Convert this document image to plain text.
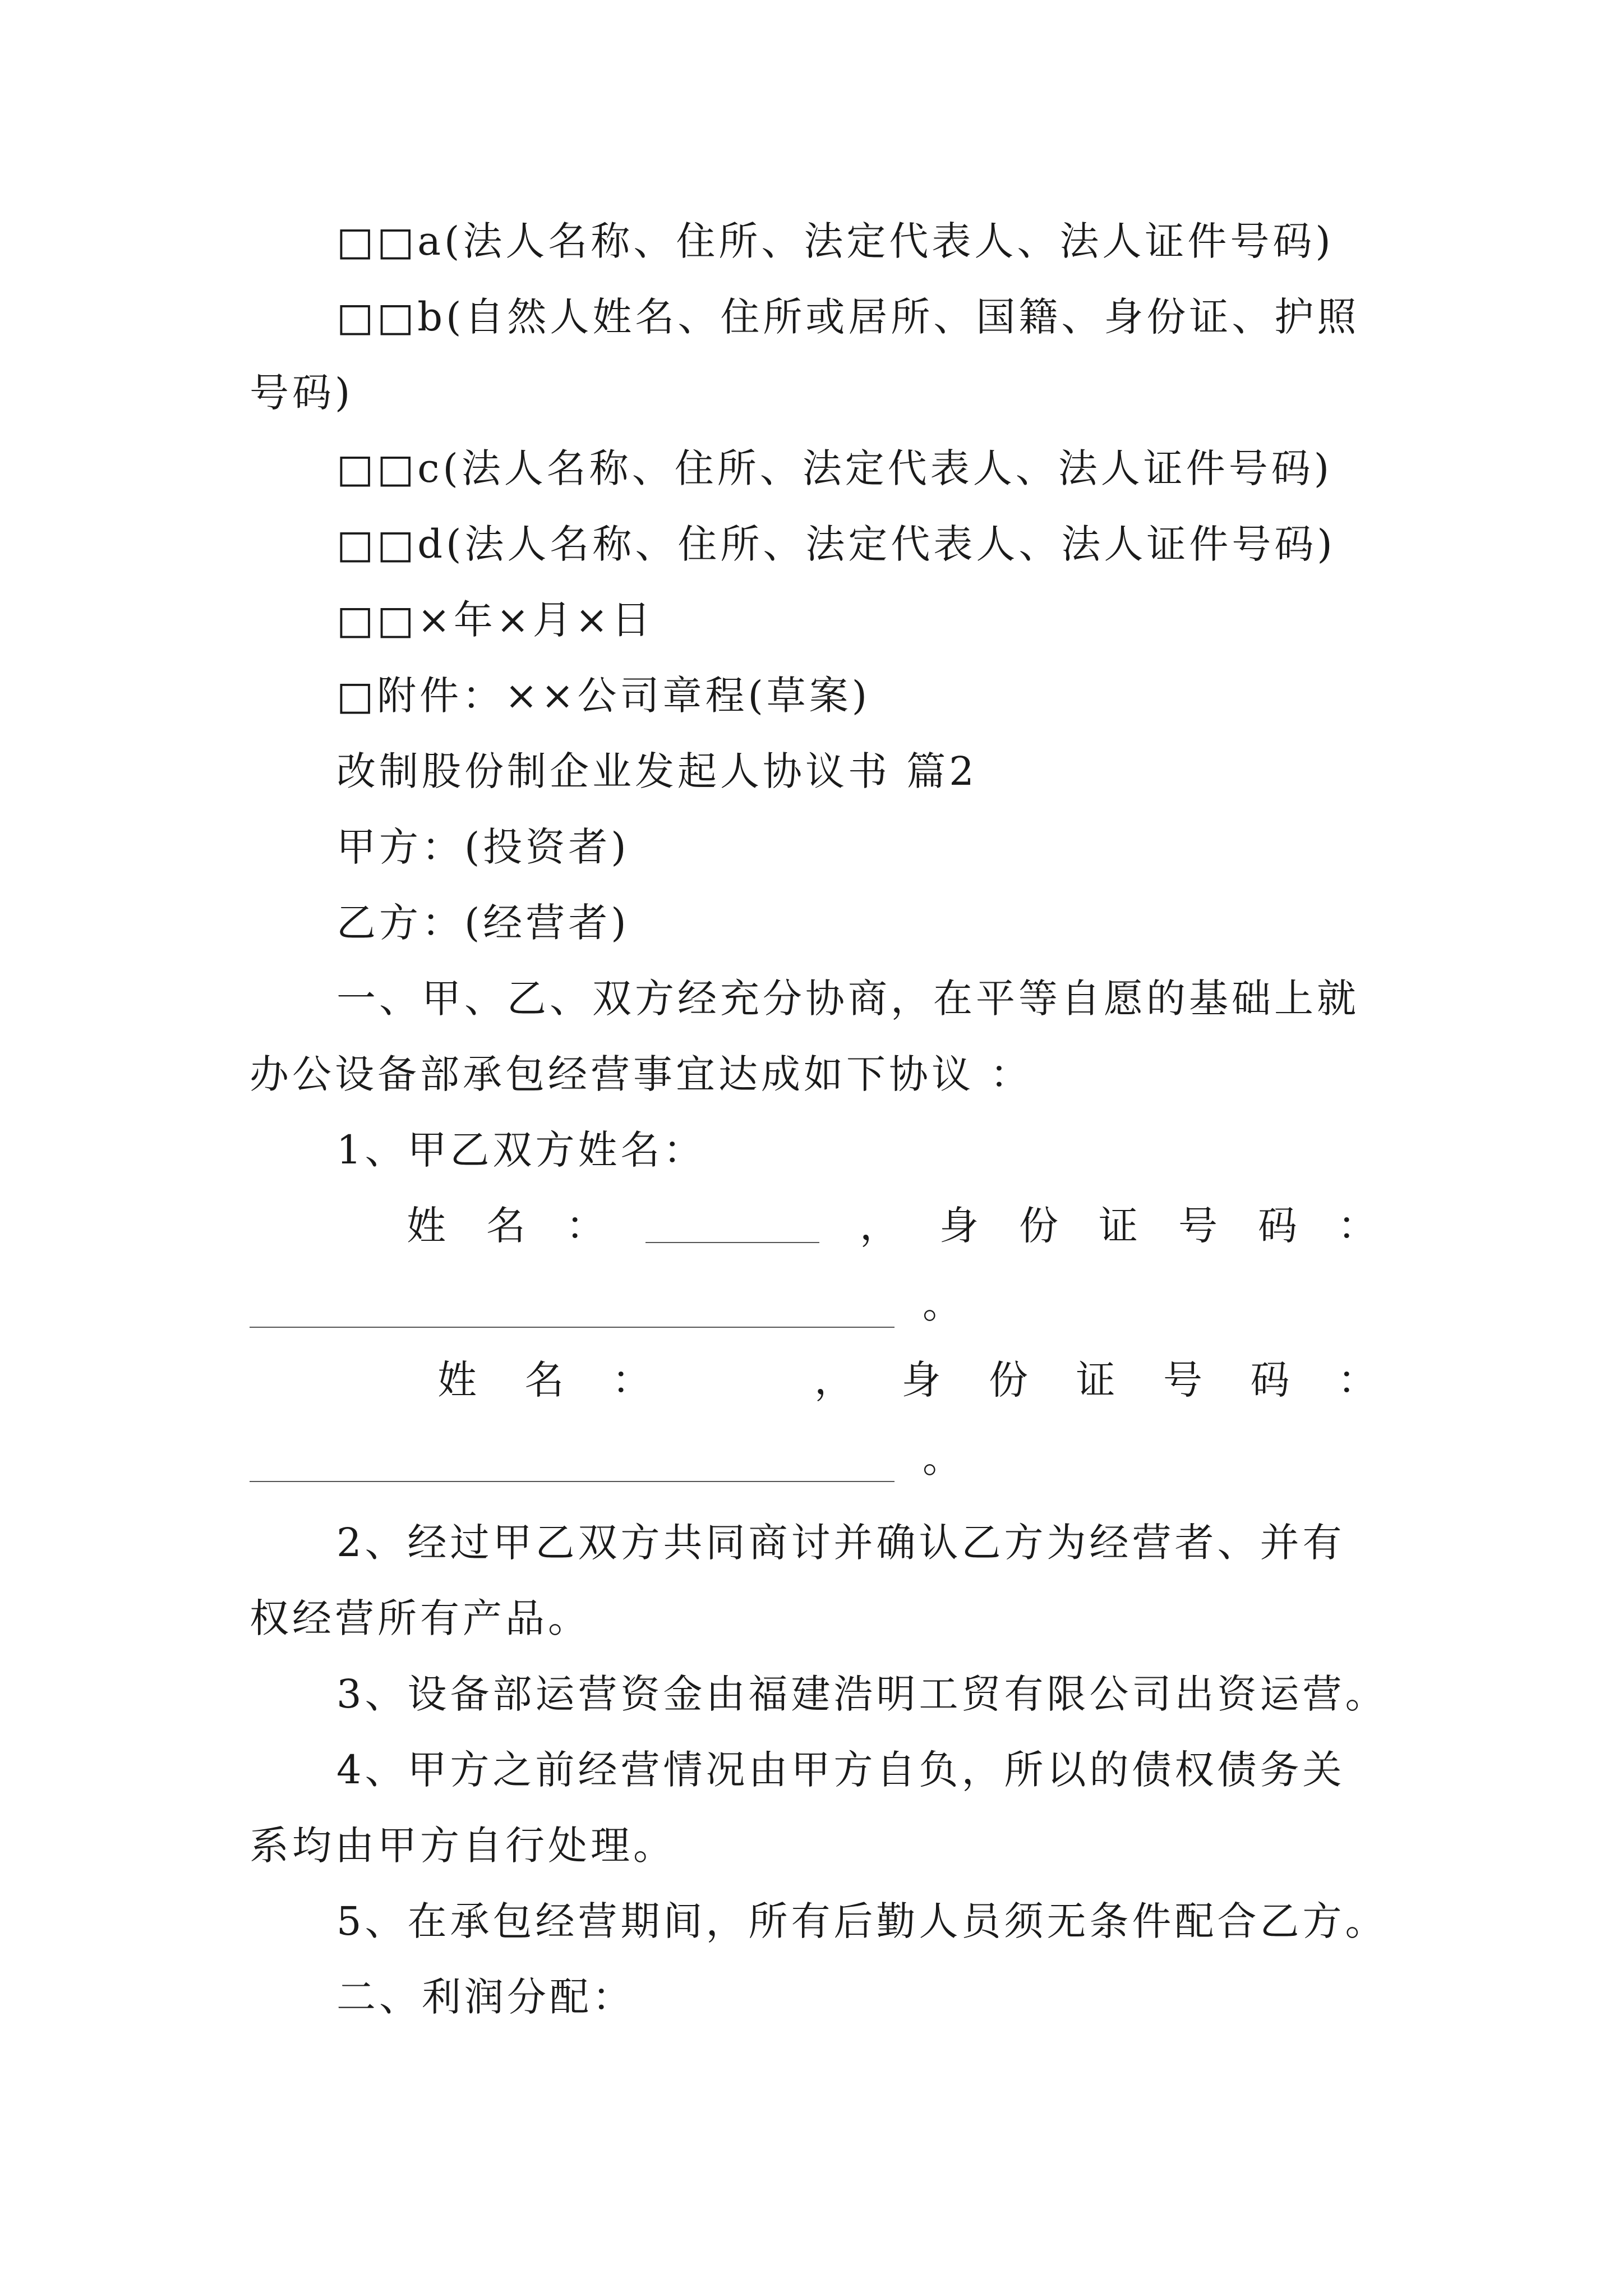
□□a(法人名称、住所、法定代表人、法人证件号码)
□□b(自然人姓名、住所或居所、国籍、身份证、护照
号码)
□□c(法人名称、住所、法定代表人、法人证件号码)
□□d(法人名称、住所、法定代表人、法人证件号码)
□□×年×月×日
□附件：××公司章程(草案)
改制股份制企业发起人协议书 篇2
甲方：(投资者)
乙方：(经营者)
一、甲、乙、双方经充分协商，在平等自愿的基础上就
办公设备部承包经营事宜达成如下协议 ：
1、甲乙双方姓名：
姓 名 ：	， 身 份 证 号 码 ：
。
姓 名 ：	， 身 份 证 号 码 ：
。
2、经过甲乙双方共同商讨并确认乙方为经营者、并有
权经营所有产品。
3、设备部运营资金由福建浩明工贸有限公司出资运营。
4、甲方之前经营情况由甲方自负，所以的债权债务关
系均由甲方自行处理。
5、在承包经营期间，所有后勤人员须无条件配合乙方。
二、利润分配：
